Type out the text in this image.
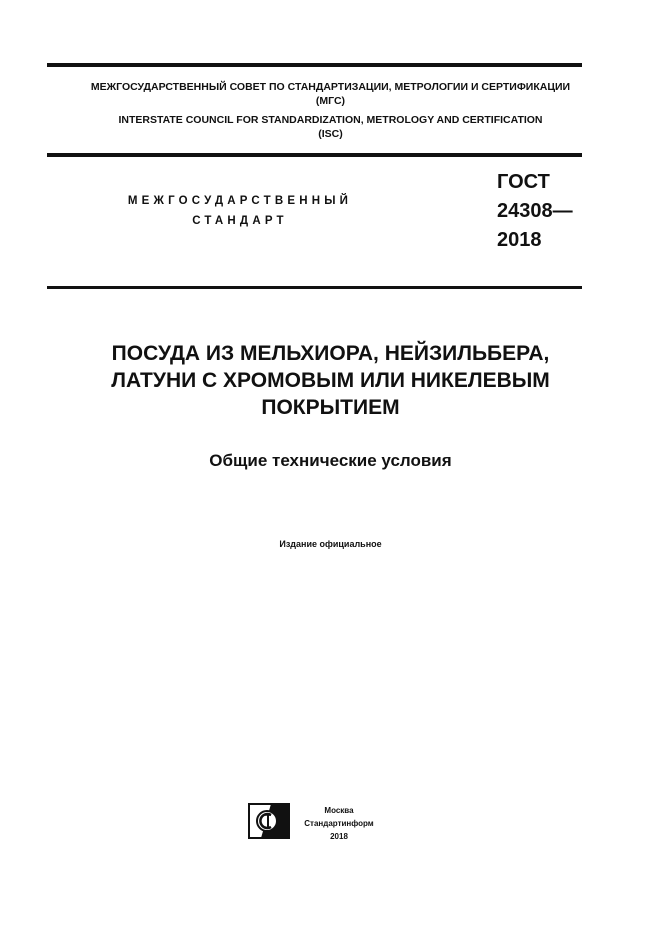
МЕЖГОСУДАРСТВЕННЫЙ СОВЕТ ПО СТАНДАРТИЗАЦИИ, МЕТРОЛОГИИ И СЕРТИФИКАЦИИ
(МГС)
INTERSTATE COUNCIL FOR STANDARDIZATION, METROLOGY AND CERTIFICATION
(ISC)
МЕЖГОСУДАРСТВЕННЫЙ
СТАНДАРТ
ГОСТ
24308—
2018
ПОСУДА ИЗ МЕЛЬХИОРА, НЕЙЗИЛЬБЕРА,
ЛАТУНИ С ХРОМОВЫМ ИЛИ НИКЕЛЕВЫМ
ПОКРЫТИЕМ
Общие технические условия
Издание официальное
Москва
Стандартинформ
2018
